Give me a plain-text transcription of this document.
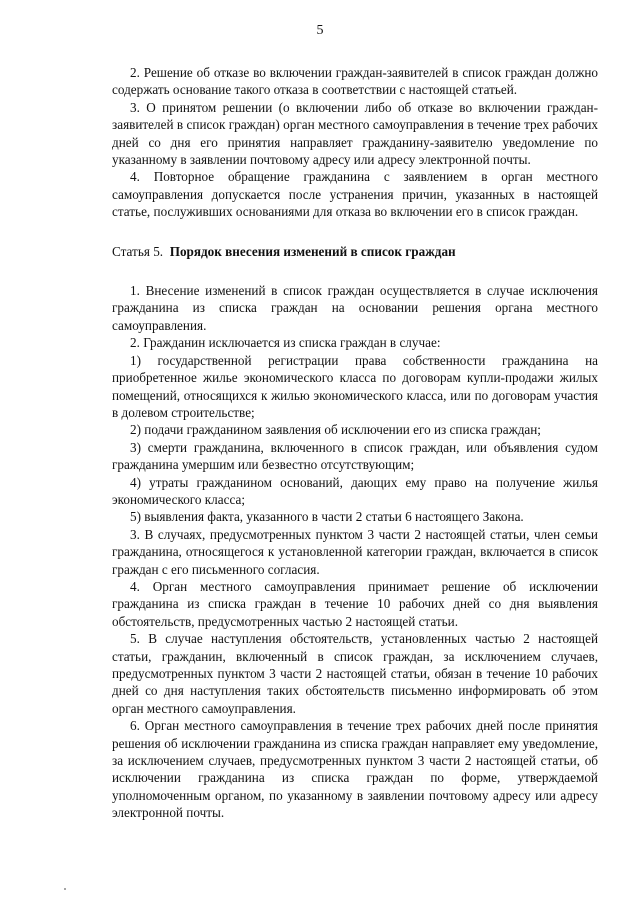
5

2. Решение об отказе во включении граждан-заявителей в список граждан должно содержать основание такого отказа в соответствии с настоящей статьей.

3. О принятом решении (о включении либо об отказе во включении граждан-заявителей в список граждан) орган местного самоуправления в течение трех рабочих дней со дня его принятия направляет гражданину-заявителю уведомление по указанному в заявлении почтовому адресу или адресу электронной почты.

4. Повторное обращение гражданина с заявлением в орган местного самоуправления допускается после устранения причин, указанных в настоящей статье, послуживших основаниями для отказа во включении его в список граждан.

Статья 5. Порядок внесения изменений в список граждан

1. Внесение изменений в список граждан осуществляется в случае исключения гражданина из списка граждан на основании решения органа местного самоуправления.

2. Гражданин исключается из списка граждан в случае:

1) государственной регистрации права собственности гражданина на приобретенное жилье экономического класса по договорам купли-продажи жилых помещений, относящихся к жилью экономического класса, или по договорам участия в долевом строительстве;

2) подачи гражданином заявления об исключении его из списка граждан;

3) смерти гражданина, включенного в список граждан, или объявления судом гражданина умершим или безвестно отсутствующим;

4) утраты гражданином оснований, дающих ему право на получение жилья экономического класса;

5) выявления факта, указанного в части 2 статьи 6 настоящего Закона.

3. В случаях, предусмотренных пунктом 3 части 2 настоящей статьи, член семьи гражданина, относящегося к установленной категории граждан, включается в список граждан с его письменного согласия.

4. Орган местного самоуправления принимает решение об исключении гражданина из списка граждан в течение 10 рабочих дней со дня выявления обстоятельств, предусмотренных частью 2 настоящей статьи.

5. В случае наступления обстоятельств, установленных частью 2 настоящей статьи, гражданин, включенный в список граждан, за исключением случаев, предусмотренных пунктом 3 части 2 настоящей статьи, обязан в течение 10 рабочих дней со дня наступления таких обстоятельств письменно информировать об этом орган местного самоуправления.

6. Орган местного самоуправления в течение трех рабочих дней после принятия решения об исключении гражданина из списка граждан направляет ему уведомление, за исключением случаев, предусмотренных пунктом 3 части 2 настоящей статьи, об исключении гражданина из списка граждан по форме, утверждаемой уполномоченным органом, по указанному в заявлении почтовому адресу или адресу электронной почты.
